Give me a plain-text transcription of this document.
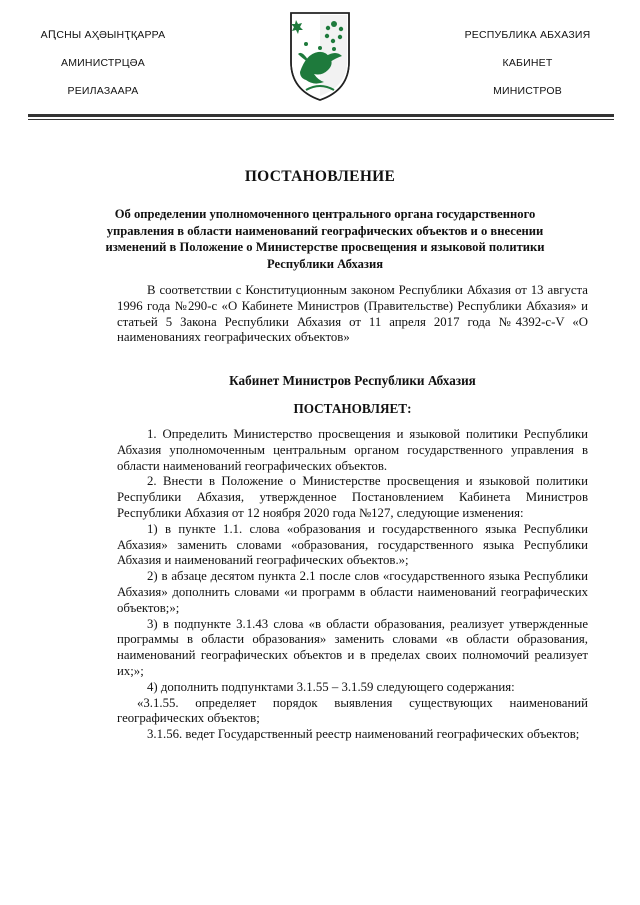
АԤСНЫ АҲӘЫНҬҚАРРА
АМИНИСТРЦӘА
РЕИЛАЗААРА
РЕСПУБЛИКА АБХАЗИЯ
КАБИНЕТ
МИНИСТРОВ
ПОСТАНОВЛЕНИЕ
Об определении уполномоченного центрального органа государственного управления в области наименований географических объектов и о внесении изменений в Положение о Министерстве просвещения и языковой политики Республики Абхазия

В соответствии с Конституционным законом Республики Абхазия от 13 августа 1996 года №290-с «О Кабинете Министров (Правительстве) Республики Абхазия» и статьей 5 Закона Республики Абхазия от 11 апреля 2017 года №4392-с-V «О наименованиях географических объектов»

Кабинет Министров Республики Абхазия

ПОСТАНОВЛЯЕТ:

1. Определить Министерство просвещения и языковой политики Республики Абхазия уполномоченным центральным органом государственного управления в области наименований географических объектов.

2. Внести в Положение о Министерстве просвещения и языковой политики Республики Абхазия, утвержденное Постановлением Кабинета Министров Республики Абхазия от 12 ноября 2020 года №127, следующие изменения:

1) в пункте 1.1. слова «образования и государственного языка Республики Абхазия» заменить словами «образования, государственного языка Республики Абхазия и наименований географических объектов.»;

2) в абзаце десятом пункта 2.1 после слов «государственного языка Республики Абхазия» дополнить словами «и программ в области наименований географических объектов;»;

3) в подпункте 3.1.43 слова «в области образования, реализует утвержденные программы в области образования» заменить словами «в области образования, наименований географических объектов и в пределах своих полномочий реализует их;»;

4) дополнить подпунктами 3.1.55 – 3.1.59 следующего содержания:

«3.1.55. определяет порядок выявления существующих наименований географических объектов;

3.1.56. ведет Государственный реестр наименований географических объектов;
